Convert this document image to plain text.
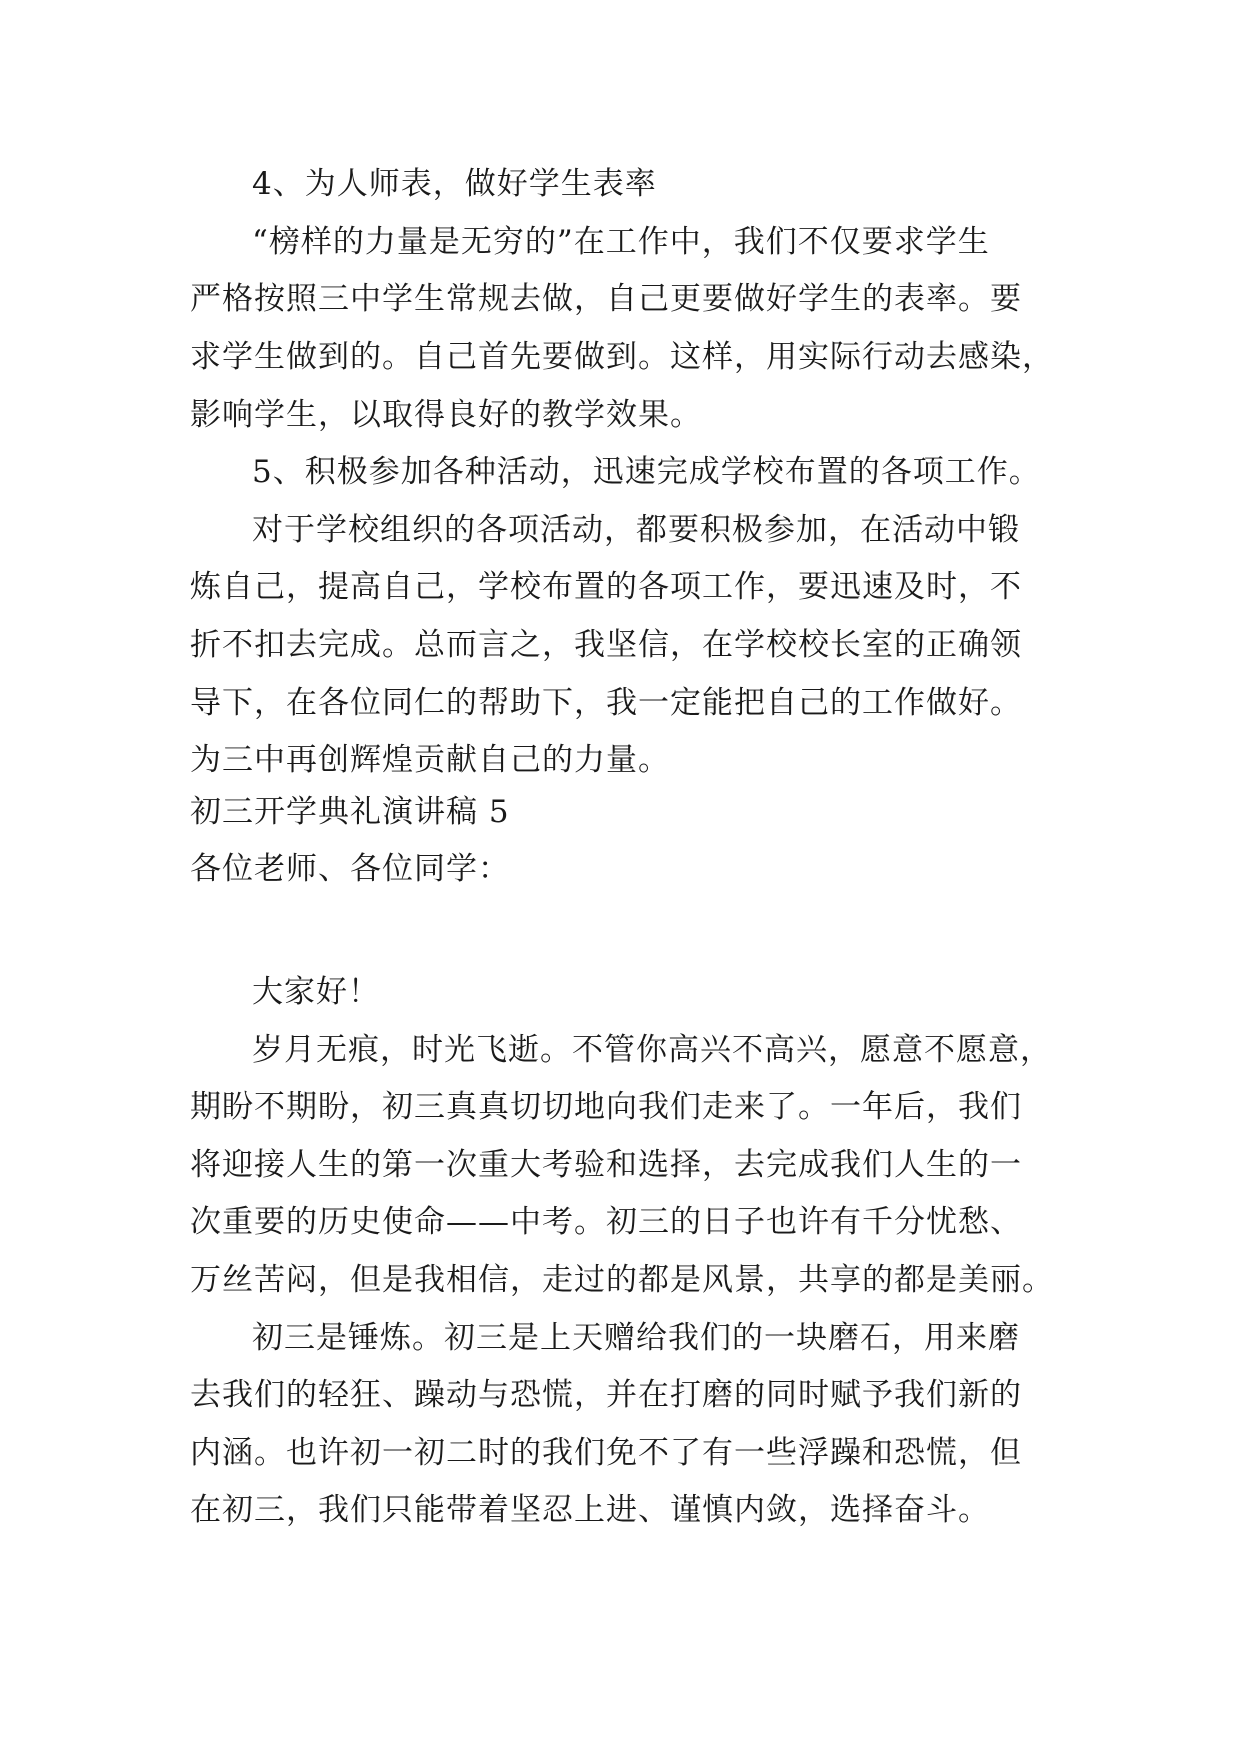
4、为人师表，做好学生表率
“榜样的力量是无穷的”在工作中，我们不仅要求学生
严格按照三中学生常规去做，自己更要做好学生的表率。要
求学生做到的。自己首先要做到。这样，用实际行动去感染，
影响学生，以取得良好的教学效果。
5、积极参加各种活动，迅速完成学校布置的各项工作。
对于学校组织的各项活动，都要积极参加，在活动中锻
炼自己，提高自己，学校布置的各项工作，要迅速及时，不
折不扣去完成。总而言之，我坚信，在学校校长室的正确领
导下，在各位同仁的帮助下，我一定能把自己的工作做好。
为三中再创辉煌贡献自己的力量。
初三开学典礼演讲稿 5
各位老师、各位同学：
大家好！
岁月无痕，时光飞逝。不管你高兴不高兴，愿意不愿意，
期盼不期盼，初三真真切切地向我们走来了。一年后，我们
将迎接人生的第一次重大考验和选择，去完成我们人生的一
次重要的历史使命——中考。初三的日子也许有千分忧愁、
万丝苦闷，但是我相信，走过的都是风景，共享的都是美丽。
初三是锤炼。初三是上天赠给我们的一块磨石，用来磨
去我们的轻狂、躁动与恐慌，并在打磨的同时赋予我们新的
内涵。也许初一初二时的我们免不了有一些浮躁和恐慌，但
在初三，我们只能带着坚忍上进、谨慎内敛，选择奋斗。
